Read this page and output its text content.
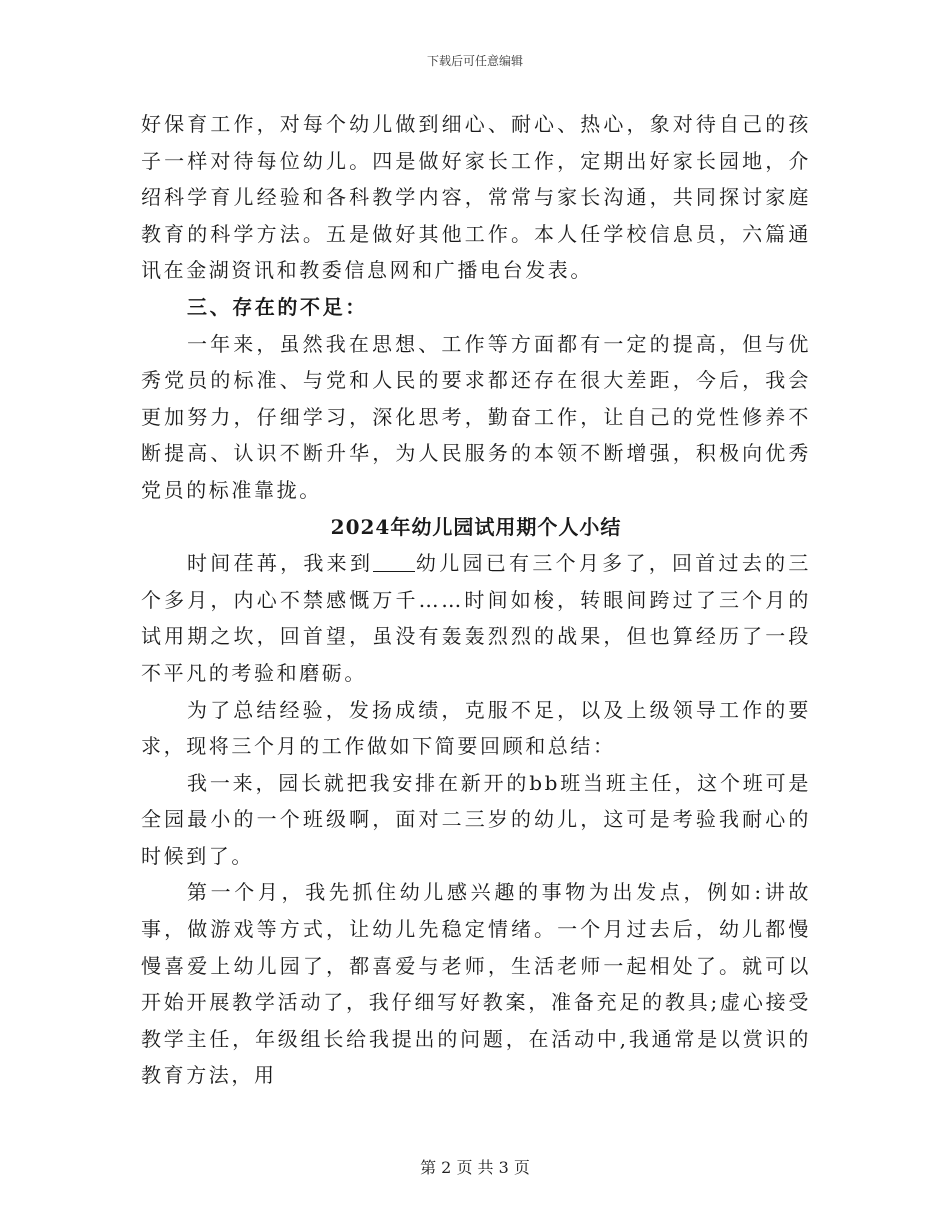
下载后可任意编辑

好保育工作，对每个幼儿做到细心、耐心、热心，象对待自己的孩子一样对待每位幼儿。四是做好家长工作，定期出好家长园地，介绍科学育儿经验和各科教学内容，常常与家长沟通，共同探讨家庭教育的科学方法。五是做好其他工作。本人任学校信息员，六篇通讯在金湖资讯和教委信息网和广播电台发表。

三、存在的不足：

一年来，虽然我在思想、工作等方面都有一定的提高，但与优秀党员的标准、与党和人民的要求都还存在很大差距，今后，我会更加努力，仔细学习，深化思考，勤奋工作，让自己的党性修养不断提高、认识不断升华，为人民服务的本领不断增强，积极向优秀党员的标准靠拢。

2024年幼儿园试用期个人小结

时间荏苒，我来到 幼儿园已有三个月多了，回首过去的三个多月，内心不禁感慨万千……时间如梭，转眼间跨过了三个月的试用期之坎，回首望，虽没有轰轰烈烈的战果，但也算经历了一段不平凡的考验和磨砺。

为了总结经验，发扬成绩，克服不足，以及上级领导工作的要求，现将三个月的工作做如下简要回顾和总结：

我一来，园长就把我安排在新开的bb班当班主任，这个班可是全园最小的一个班级啊，面对二三岁的幼儿，这可是考验我耐心的时候到了。

第一个月，我先抓住幼儿感兴趣的事物为出发点，例如:讲故事，做游戏等方式，让幼儿先稳定情绪。一个月过去后，幼儿都慢慢喜爱上幼儿园了，都喜爱与老师，生活老师一起相处了。就可以开始开展教学活动了，我仔细写好教案，准备充足的教具;虚心接受教学主任，年级组长给我提出的问题，在活动中,我通常是以赏识的教育方法，用

第 2 页 共 3 页
